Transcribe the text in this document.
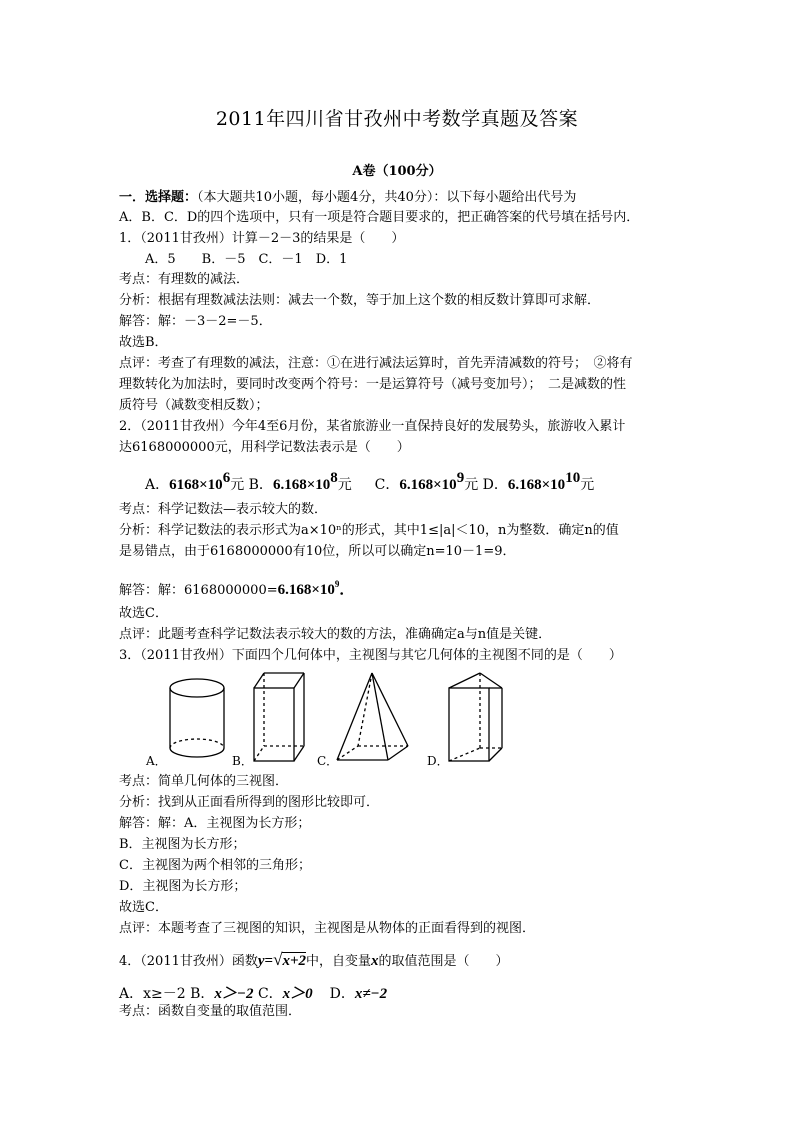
2011年四川省甘孜州中考数学真题及答案
A卷（100分）
一．选择题：（本大题共10小题，每小题4分，共40分）：以下每小题给出代号为
A．B．C．D的四个选项中，只有一项是符合题目要求的，把正确答案的代号填在括号内．
1．（2011甘孜州）计算－2－3的结果是（　　）
A．5　　B．－5　C．－1　D．1
考点：有理数的减法．
分析：根据有理数减法法则：减去一个数，等于加上这个数的相反数计算即可求解．
解答：解：－3－2=－5．
故选B．
点评：考查了有理数的减法，注意：①在进行减法运算时，首先弄清减数的符号；　②将有
理数转化为加法时，要同时改变两个符号：一是运算符号（减号变加号）；　二是减数的性
质符号（减数变相反数）；
2．（2011甘孜州）今年4至6月份，某省旅游业一直保持良好的发展势头，旅游收入累计
达6168000000元，用科学记数法表示是（　　）
A．6168×106元 B．6.168×108元 C．6.168×109元 D．6.168×1010元
考点：科学记数法—表示较大的数．
分析：科学记数法的表示形式为a×10ⁿ的形式，其中1≤|a|＜10，n为整数．确定n的值
是易错点，由于6168000000有10位，所以可以确定n=10－1=9．
解答：解：$6168000000=6.168\times 10^9$．
故选C．
点评：此题考查科学记数法表示较大的数的方法，准确确定a与n值是关键．
3．（2011甘孜州）下面四个几何体中，主视图与其它几何体的主视图不同的是（　　）
A．	B．	C．	D．
考点：简单几何体的三视图．
分析：找到从正面看所得到的图形比较即可．
解答：解：A．主视图为长方形；
B．主视图为长方形；
C．主视图为两个相邻的三角形；
D．主视图为长方形；
故选C．
点评：本题考查了三视图的知识，主视图是从物体的正面看得到的视图．
4．（2011甘孜州）函数y=√x+2中，自变量x的取值范围是（　　）
A．x≥－2 B．x＞−2 C．x＞0 D．x≠−2
考点：函数自变量的取值范围．
